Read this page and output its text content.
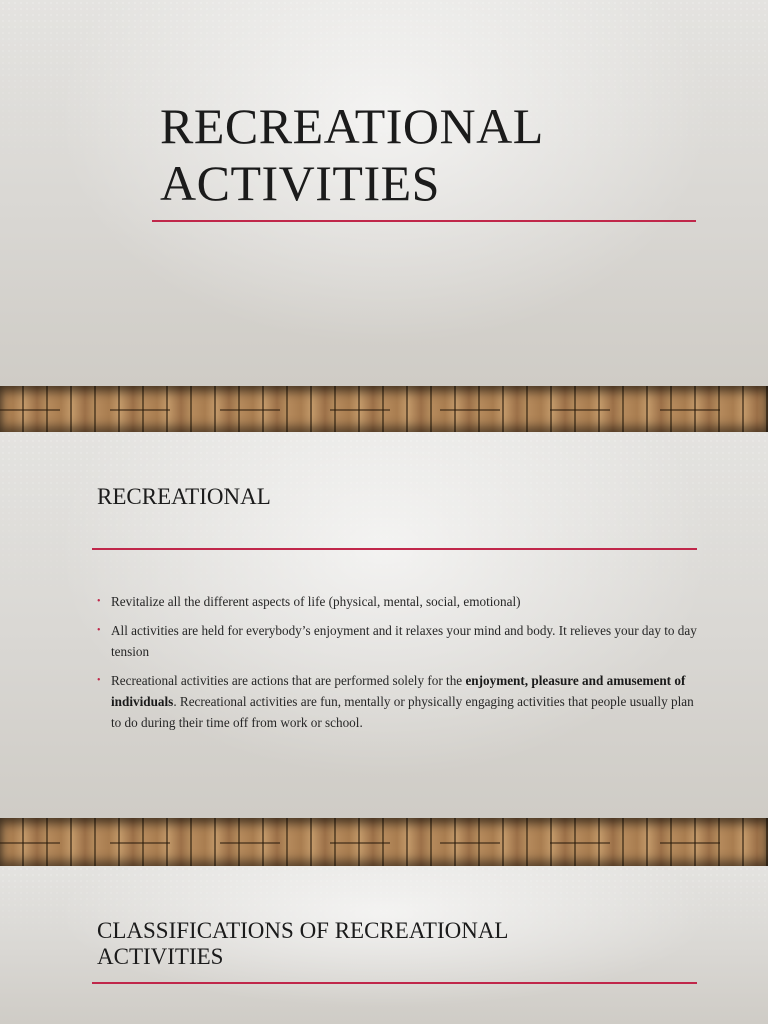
RECREATIONAL
ACTIVITIES
RECREATIONAL
• Revitalize all the different aspects of life (physical, mental, social, emotional)
• All activities are held for everybody’s enjoyment and it relaxes your mind and body. It relieves your day to day tension
• Recreational activities are actions that are performed solely for the enjoyment, pleasure and amusement of individuals. Recreational activities are fun, mentally or physically engaging activities that people usually plan to do during their time off from work or school.
CLASSIFICATIONS OF RECREATIONAL
ACTIVITIES
